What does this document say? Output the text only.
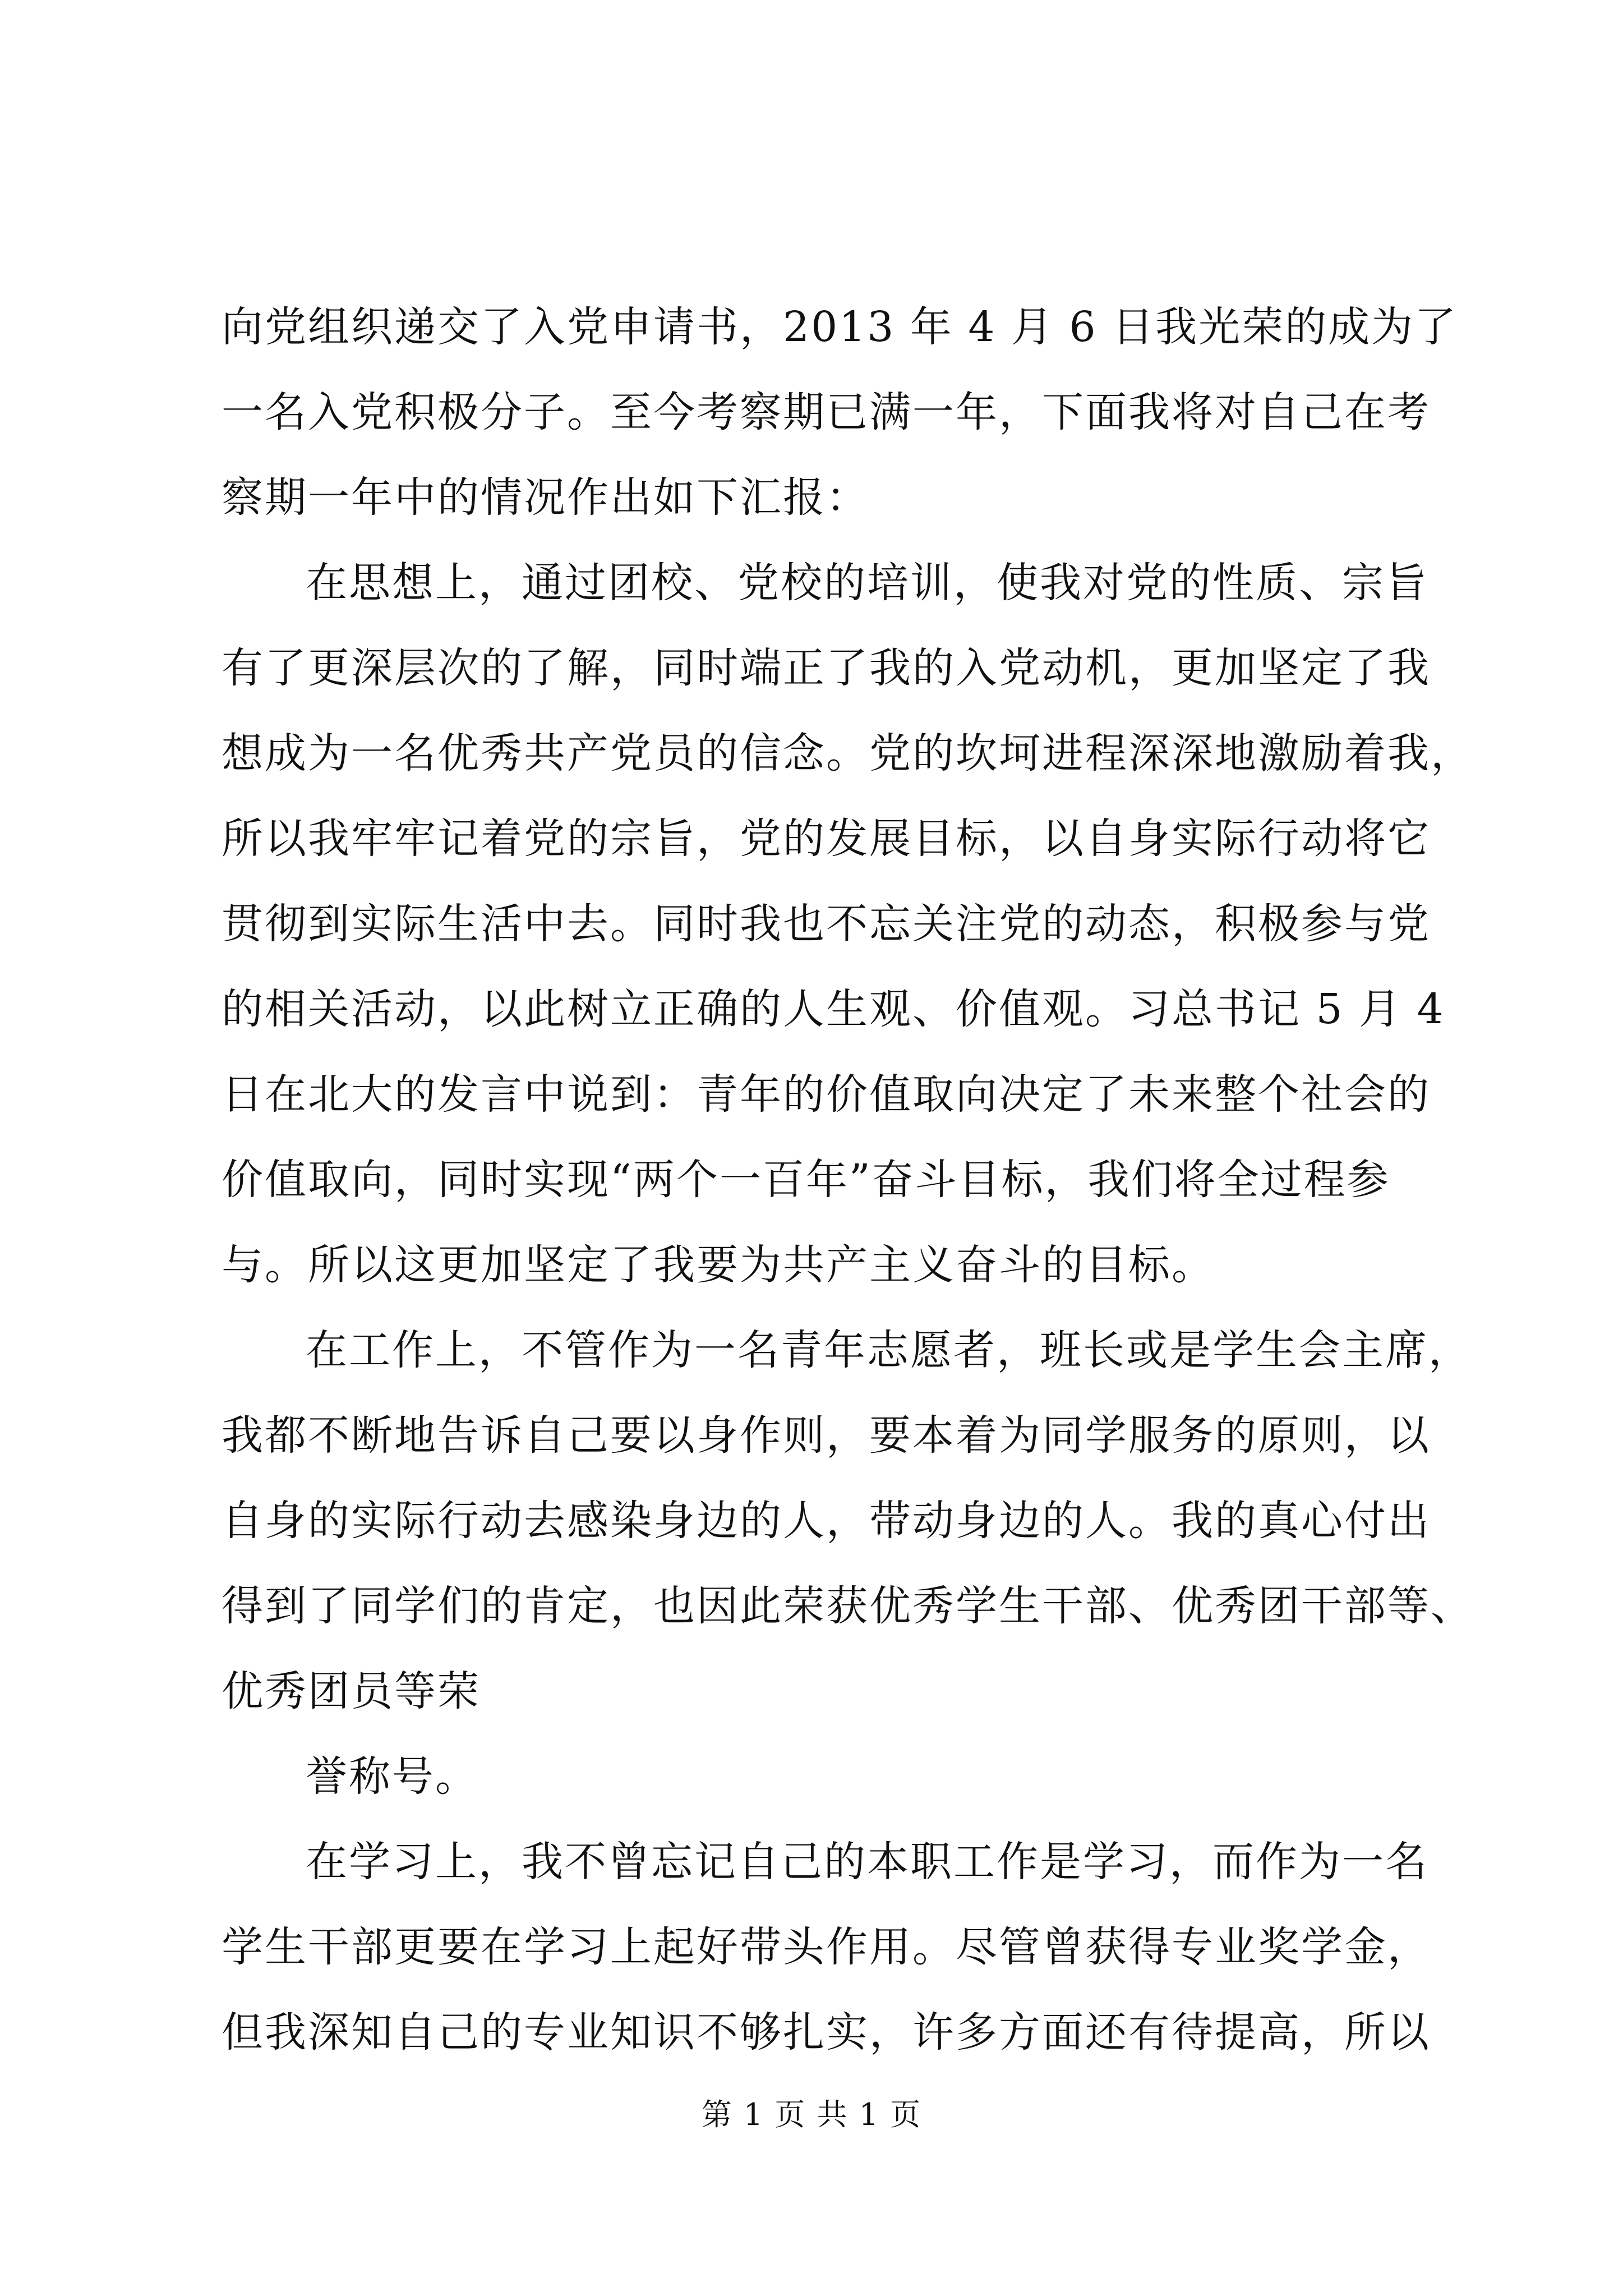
向党组织递交了入党申请书，2013 年 4 月 6 日我光荣的成为了
一名入党积极分子。至今考察期已满一年，下面我将对自己在考
察期一年中的情况作出如下汇报：
在思想上，通过团校、党校的培训，使我对党的性质、宗旨
有了更深层次的了解，同时端正了我的入党动机，更加坚定了我
想成为一名优秀共产党员的信念。党的坎坷进程深深地激励着我，
所以我牢牢记着党的宗旨，党的发展目标，以自身实际行动将它
贯彻到实际生活中去。同时我也不忘关注党的动态，积极参与党
的相关活动，以此树立正确的人生观、价值观。习总书记 5 月 4
日在北大的发言中说到：青年的价值取向决定了未来整个社会的
价值取向，同时实现“两个一百年”奋斗目标，我们将全过程参
与。所以这更加坚定了我要为共产主义奋斗的目标。
在工作上，不管作为一名青年志愿者，班长或是学生会主席，
我都不断地告诉自己要以身作则，要本着为同学服务的原则，以
自身的实际行动去感染身边的人，带动身边的人。我的真心付出
得到了同学们的肯定，也因此荣获优秀学生干部、优秀团干部等、
优秀团员等荣
誉称号。
在学习上，我不曾忘记自己的本职工作是学习，而作为一名
学生干部更要在学习上起好带头作用。尽管曾获得专业奖学金，
但我深知自己的专业知识不够扎实，许多方面还有待提高，所以
第 1 页 共 1 页
